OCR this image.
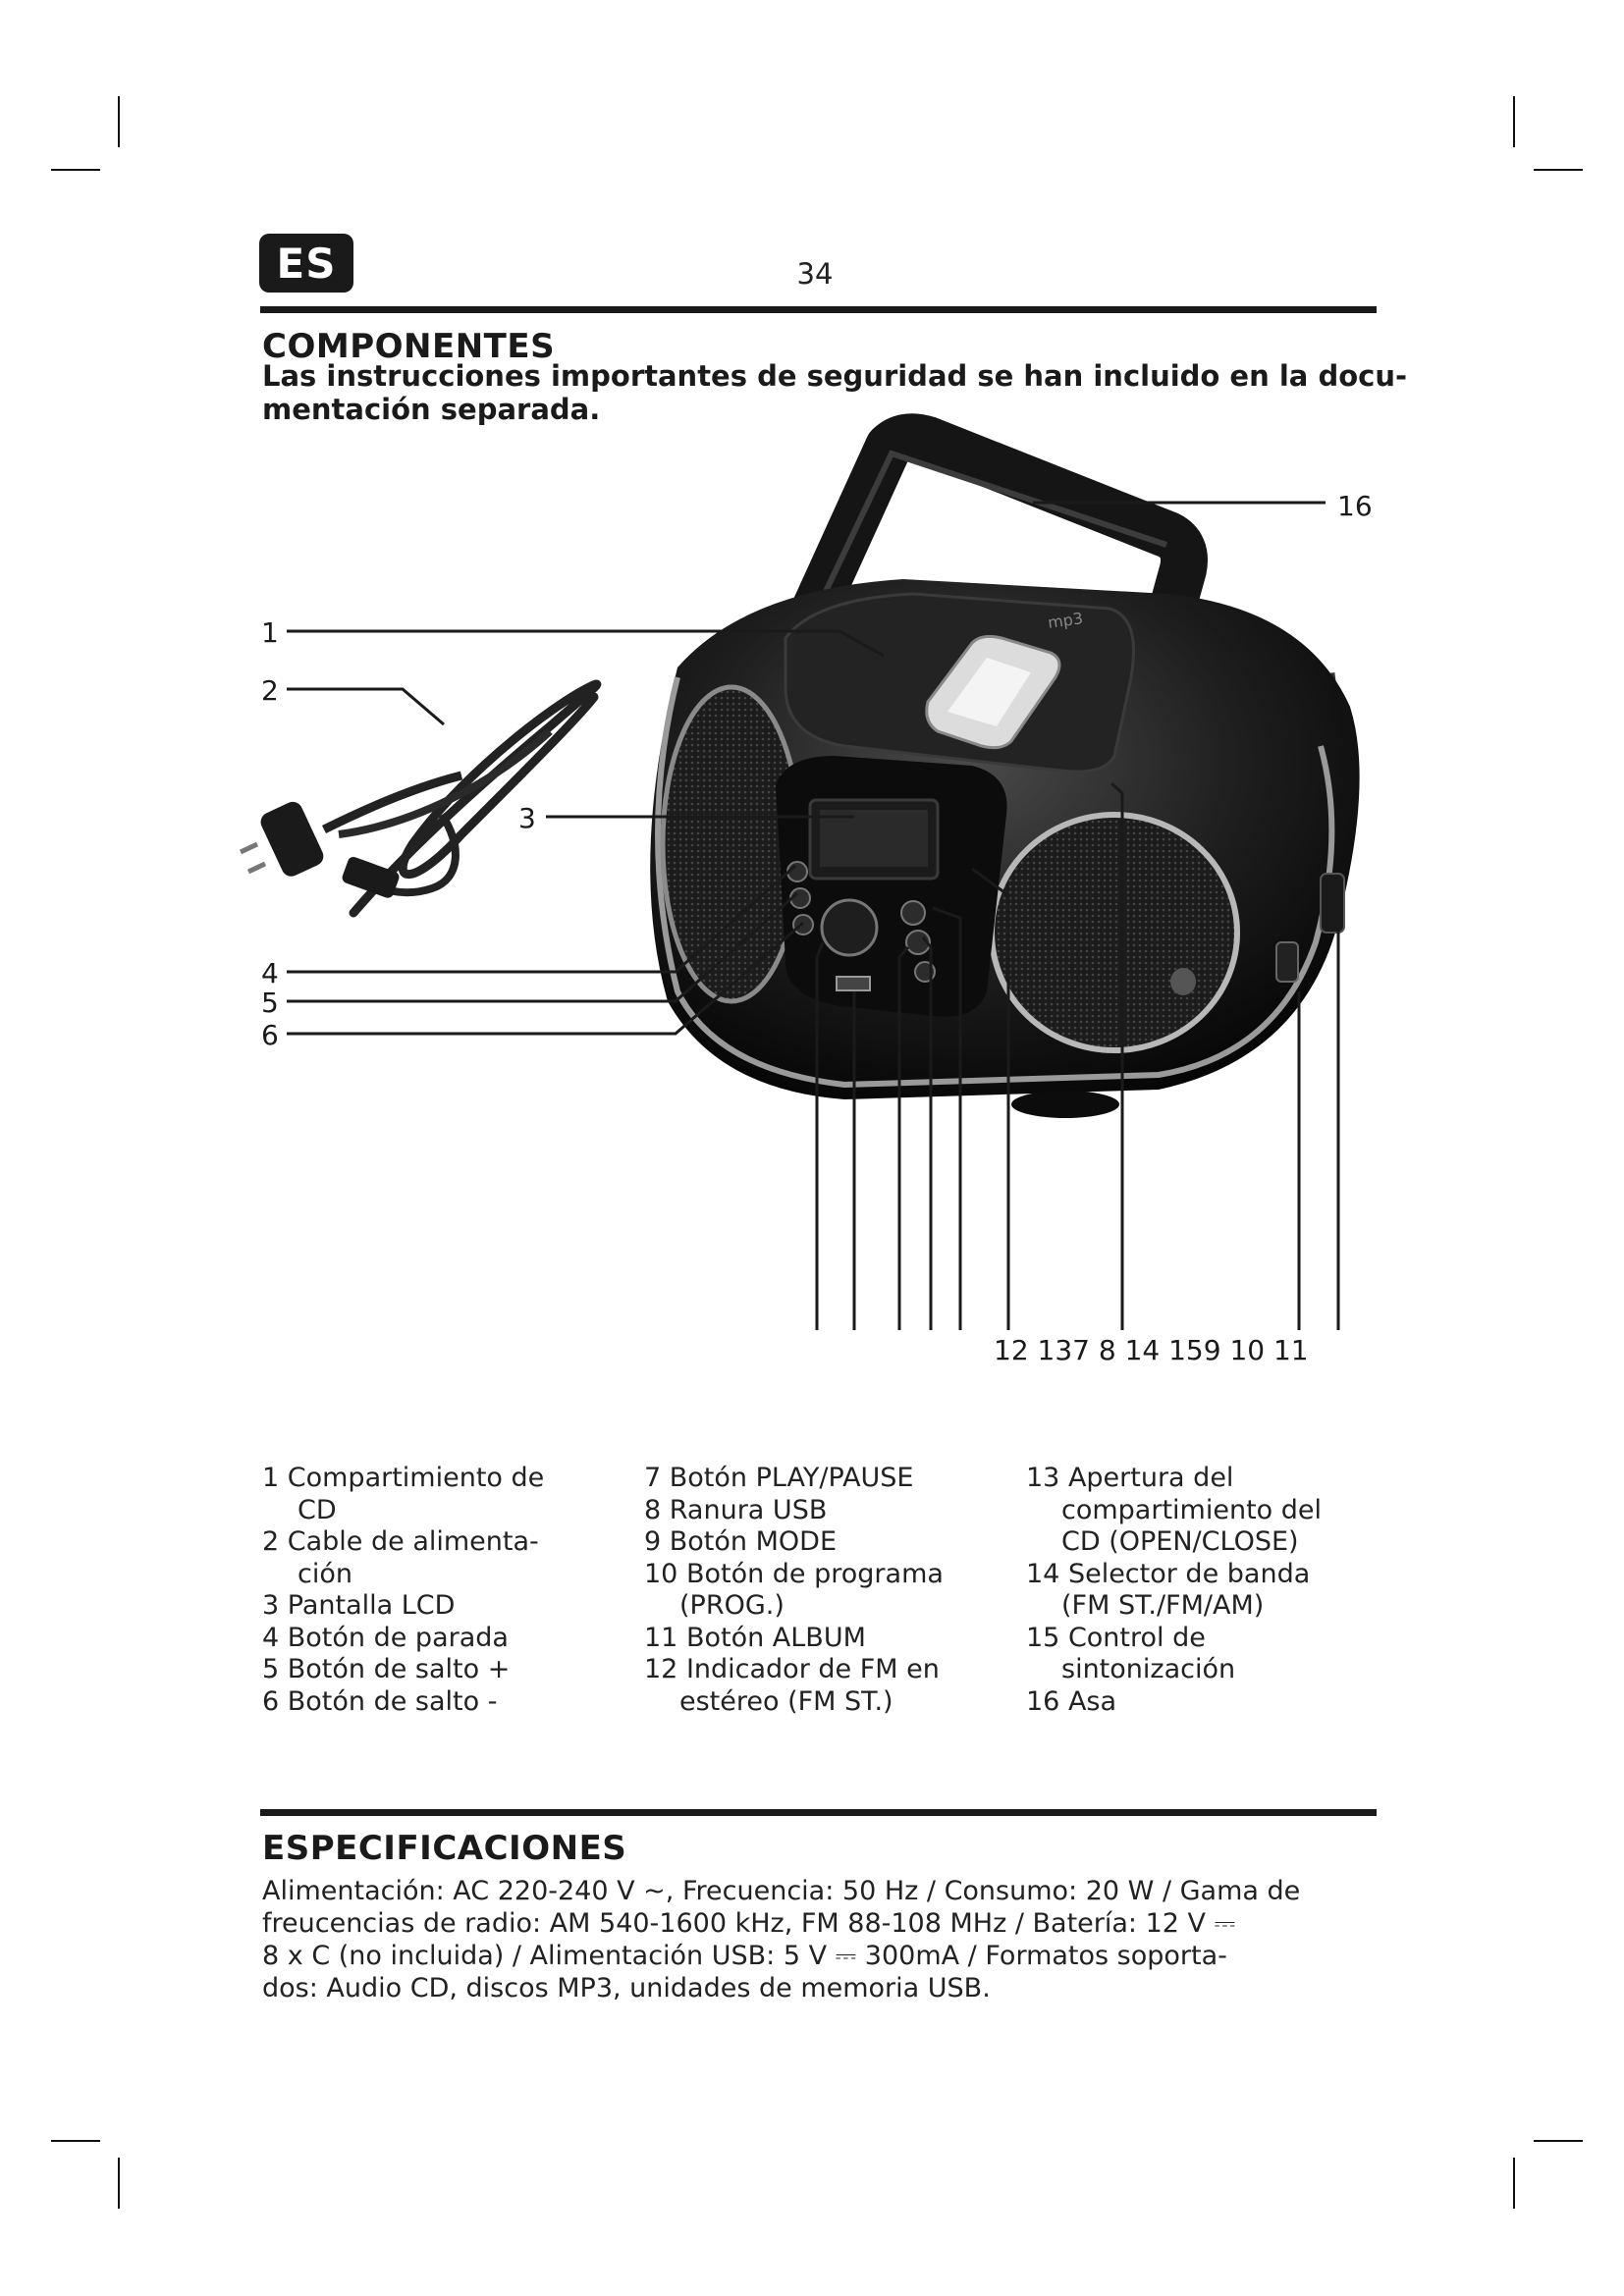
ES	34
COMPONENTES
Las instrucciones importantes de seguridad se han incluido en la docu-
mentación separada.
mp3
16
1
2
3
4
5
6
12 137 8 14 159 10 11
1 Compartimiento de
CD
2 Cable de alimenta-
ción
3 Pantalla LCD
4 Botón de parada
5 Botón de salto +
6 Botón de salto -
7 Botón PLAY/PAUSE
8 Ranura USB
9 Botón MODE
10 Botón de programa
(PROG.)
11 Botón ALBUM
12 Indicador de FM en
estéreo (FM ST.)
13 Apertura del
compartimiento del
CD (OPEN/CLOSE)
14 Selector de banda
(FM ST./FM/AM)
15 Control de
sintonización
16 Asa
ESPECIFICACIONES
Alimentación: AC 220-240 V ~, Frecuencia: 50 Hz / Consumo: 20 W / Gama de
freucencias de radio: AM 540-1600 kHz, FM 88-108 MHz / Batería: 12 V ⎓
8 x C (no incluida) / Alimentación USB: 5 V ⎓ 300mA / Formatos soporta-
dos: Audio CD, discos MP3, unidades de memoria USB.
